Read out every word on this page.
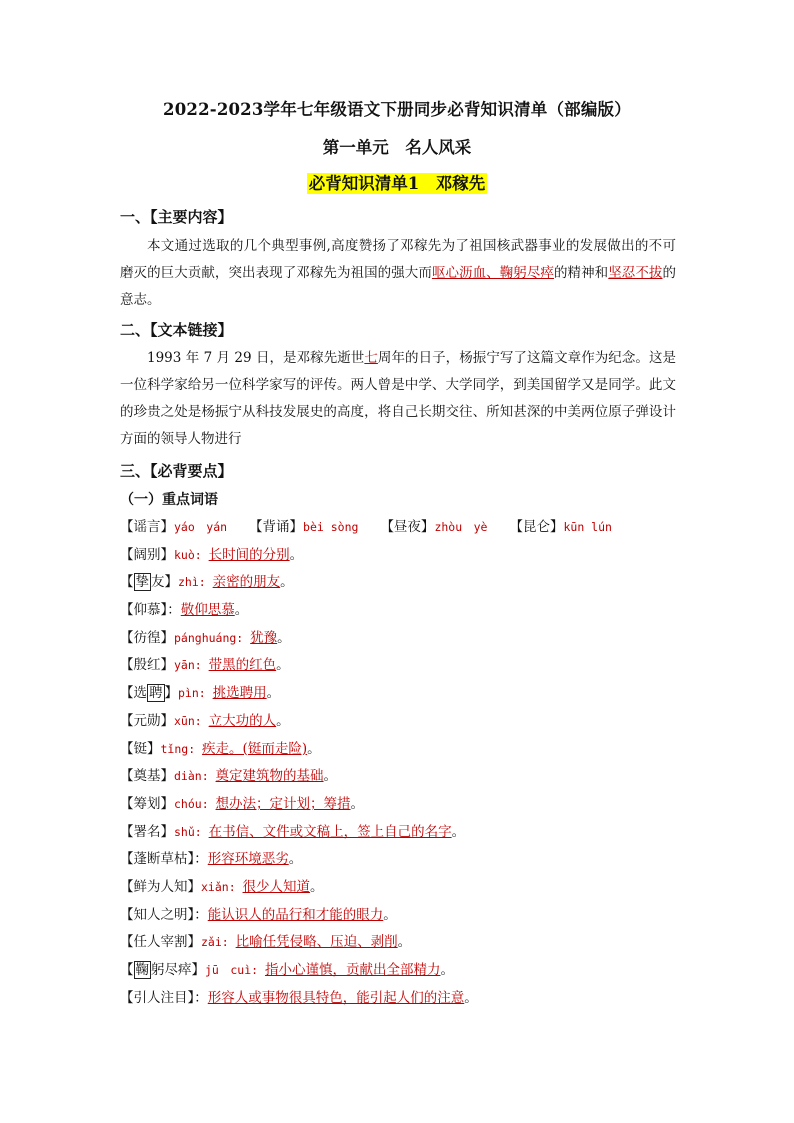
2022-2023学年七年级语文下册同步必背知识清单（部编版）
第一单元　名人风采
必背知识清单1　邓稼先
一、【主要内容】
本文通过选取的几个典型事例,高度赞扬了邓稼先为了祖国核武器事业的发展做出的不可磨灭的巨大贡献，突出表现了邓稼先为祖国的强大而呕心沥血、鞠躬尽瘁的精神和坚忍不拔的意志。
二、【文本链接】
1993 年 7 月 29 日，是邓稼先逝世七周年的日子，杨振宁写了这篇文章作为纪念。这是一位科学家给另一位科学家写的评传。两人曾是中学、大学同学，到美国留学又是同学。此文的珍贵之处是杨振宁从科技发展史的高度，将自己长期交往、所知甚深的中美两位原子弹设计方面的领导人物进行
三、【必背要点】
（一）重点词语
【谣言】yáo　yán 【背诵】bèi sòng 【昼夜】zhòu　yè 【昆仑】kūn lún
【阔别】kuò: 长时间的分别。
【 挚 友】zhì: 亲密的朋友。
【仰慕】：敬仰思慕。
【彷徨】pánghuáng: 犹豫。
【殷红】yān: 带黑的红色。
【选 聘 】pìn: 挑选聘用。
【元勋】xūn: 立大功的人。
【铤】tǐng: 疾走。(铤而走险)。
【奠基】diàn: 奠定建筑物的基础。
【筹划】chóu: 想办法；定计划；筹措。
【署名】shǔ: 在书信、文件或文稿上，签上自己的名字。
【蓬断草枯】：形容环境恶劣。
【鲜为人知】xiǎn: 很少人知道。
【知人之明】：能认识人的品行和才能的眼力。
【任人宰割】zǎi: 比喻任凭侵略、压迫、剥削。
【 鞠 躬尽瘁】jū　cuì: 指小心谨慎，贡献出全部精力。
【引人注目】：形容人或事物很具特色，能引起人们的注意。
